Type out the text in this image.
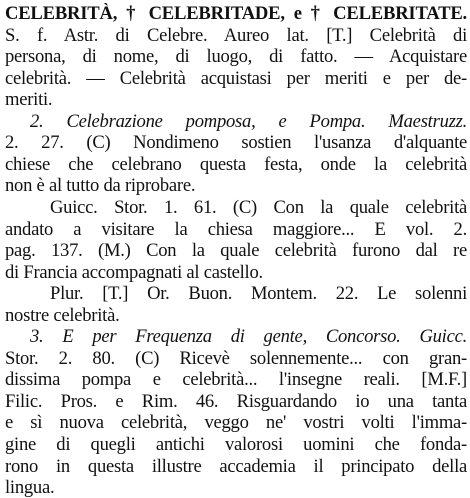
CELEBRITÀ, † CELEBRITADE, e † CELEBRITATE.
S. f. Astr. di Celebre. Aureo lat. [T.] Celebrità di
persona, di nome, di luogo, di fatto. — Acquistare
celebrità. — Celebrità acquistasi per meriti e per de-
meriti.
2. Celebrazione pomposa, e Pompa. Maestruzz.
2. 27. (C) Nondimeno sostien l'usanza d'alquante
chiese che celebrano questa festa, onde la celebrità
non è al tutto da riprobare.
Guicc. Stor. 1. 61. (C) Con la quale celebrità
andato a visitare la chiesa maggiore... E vol. 2.
pag. 137. (M.) Con la quale celebrità furono dal re
di Francia accompagnati al castello.
Plur. [T.] Or. Buon. Montem. 22. Le solenni
nostre celebrità.
3. E per Frequenza di gente, Concorso. Guicc.
Stor. 2. 80. (C) Ricevè solennemente... con gran-
dissima pompa e celebrità... l'insegne reali. [M.F.]
Filic. Pros. e Rim. 46. Risguardando io una tanta
e sì nuova celebrità, veggo ne' vostri volti l'imma-
gine di quegli antichi valorosi uomini che fonda-
rono in questa illustre accademia il principato della
lingua.
